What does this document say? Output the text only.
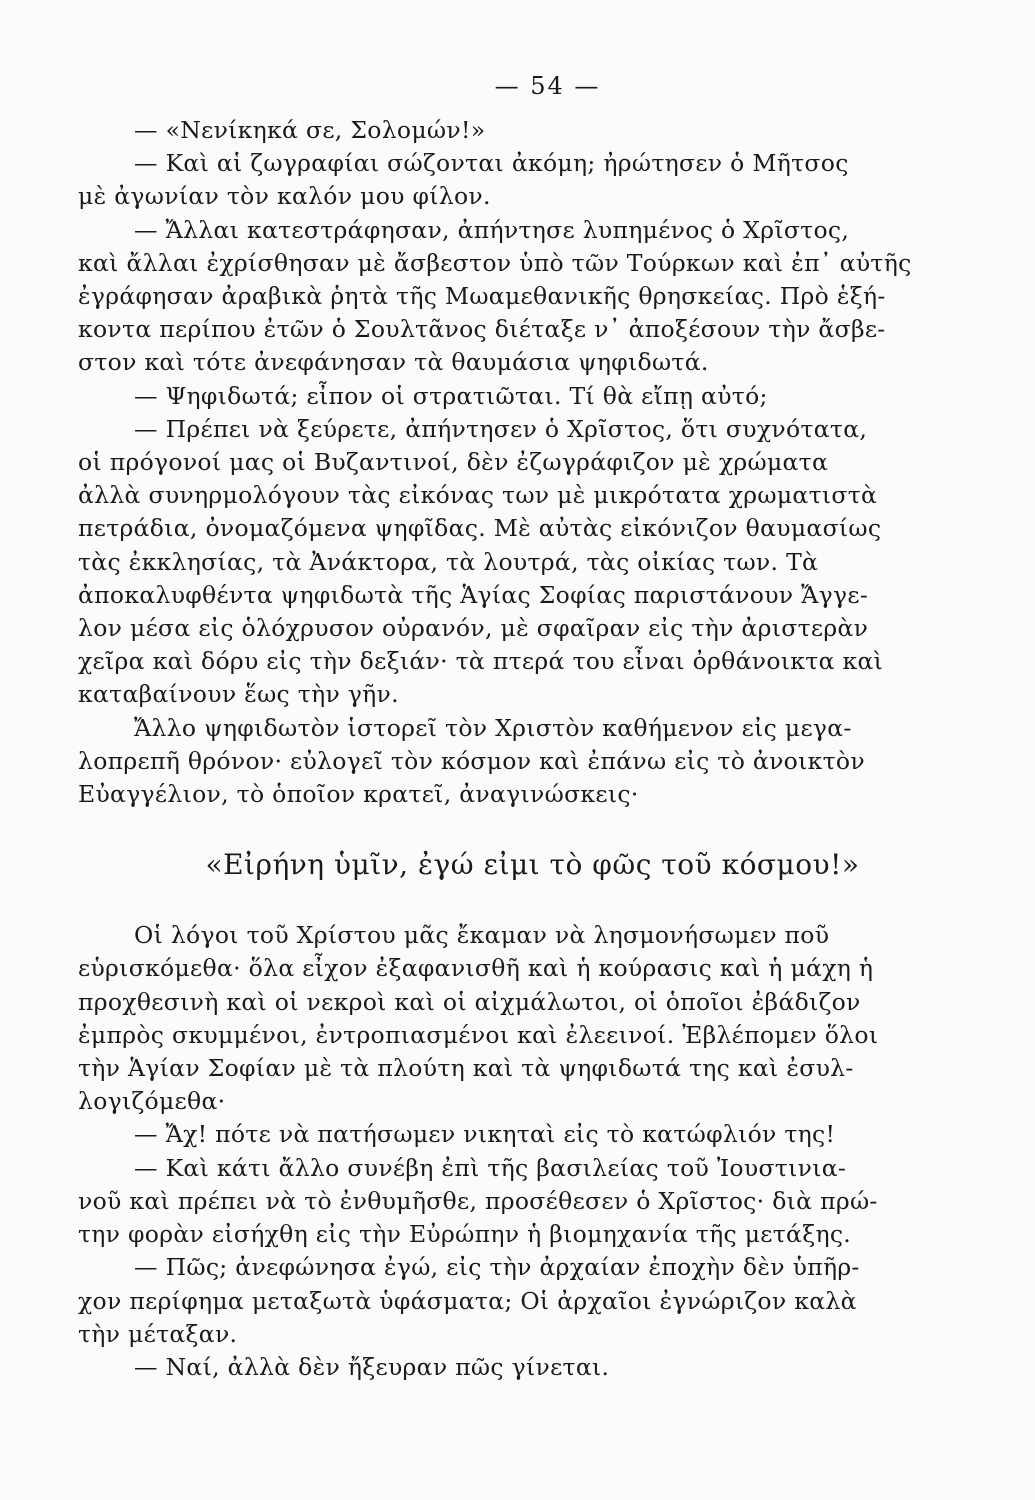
— 54 —
— «Νενίκηκά σε, Σολομών!»
— Καὶ αἱ ζωγραφίαι σώζονται ἀκόμη; ἠρώτησεν ὁ Μῆτσος
μὲ ἀγωνίαν τὸν καλόν μου φίλον.
— Ἄλλαι κατεστράφησαν, ἀπήντησε λυπημένος ὁ Χρῖστος,
καὶ ἄλλαι ἐχρίσθησαν μὲ ἄσβεστον ὑπὸ τῶν Τούρκων καὶ ἐπ᾽ αὐτῆς
ἐγράφησαν ἀραβικὰ ῥητὰ τῆς Μωαμεθανικῆς θρησκείας. Πρὸ ἑξή-
κοντα περίπου ἐτῶν ὁ Σουλτᾶνος διέταξε ν᾽ ἀποξέσουν τὴν ἄσβε-
στον καὶ τότε ἀνεφάνησαν τὰ θαυμάσια ψηφιδωτά.
— Ψηφιδωτά; εἶπον οἱ στρατιῶται. Τί θὰ εἴπῃ αὐτό;
— Πρέπει νὰ ξεύρετε, ἀπήντησεν ὁ Χρῖστος, ὅτι συχνότατα,
οἱ πρόγονοί μας οἱ Βυζαντινοί, δὲν ἐζωγράφιζον μὲ χρώματα
ἀλλὰ συνηρμολόγουν τὰς εἰκόνας των μὲ μικρότατα χρωματιστὰ
πετράδια, ὀνομαζόμενα ψηφῖδας. Μὲ αὐτὰς εἰκόνιζον θαυμασίως
τὰς ἐκκλησίας, τὰ Ἀνάκτορα, τὰ λουτρά, τὰς οἰκίας των. Τὰ
ἀποκαλυφθέντα ψηφιδωτὰ τῆς Ἁγίας Σοφίας παριστάνουν Ἄγγε-
λον μέσα εἰς ὁλόχρυσον οὐρανόν, μὲ σφαῖραν εἰς τὴν ἀριστερὰν
χεῖρα καὶ δόρυ εἰς τὴν δεξιάν· τὰ πτερά του εἶναι ὀρθάνοικτα καὶ
καταβαίνουν ἕως τὴν γῆν.
Ἄλλο ψηφιδωτὸν ἱστορεῖ τὸν Χριστὸν καθήμενον εἰς μεγα-
λοπρεπῆ θρόνον· εὐλογεῖ τὸν κόσμον καὶ ἐπάνω εἰς τὸ ἀνοικτὸν
Εὐαγγέλιον, τὸ ὁποῖον κρατεῖ, ἀναγινώσκεις·
«Εἰρήνη ὑμῖν, ἐγώ εἰμι τὸ φῶς τοῦ κόσμου!»
Οἱ λόγοι τοῦ Χρίστου μᾶς ἔκαμαν νὰ λησμονήσωμεν ποῦ
εὑρισκόμεθα· ὅλα εἶχον ἐξαφανισθῆ καὶ ἡ κούρασις καὶ ἡ μάχη ἡ
προχθεσινὴ καὶ οἱ νεκροὶ καὶ οἱ αἰχμάλωτοι, οἱ ὁποῖοι ἐβάδιζον
ἐμπρὸς σκυμμένοι, ἐντροπιασμένοι καὶ ἐλεεινοί. Ἐβλέπομεν ὅλοι
τὴν Ἁγίαν Σοφίαν μὲ τὰ πλούτη καὶ τὰ ψηφιδωτά της καὶ ἐσυλ-
λογιζόμεθα·
— Ἄχ! πότε νὰ πατήσωμεν νικηταὶ εἰς τὸ κατώφλιόν της!
— Καὶ κάτι ἄλλο συνέβη ἐπὶ τῆς βασιλείας τοῦ Ἰουστινια-
νοῦ καὶ πρέπει νὰ τὸ ἐνθυμῆσθε, προσέθεσεν ὁ Χρῖστος· διὰ πρώ-
την φορὰν εἰσήχθη εἰς τὴν Εὐρώπην ἡ βιομηχανία τῆς μετάξης.
— Πῶς; ἀνεφώνησα ἐγώ, εἰς τὴν ἀρχαίαν ἐποχὴν δὲν ὑπῆρ-
χον περίφημα μεταξωτὰ ὑφάσματα; Οἱ ἀρχαῖοι ἐγνώριζον καλὰ
τὴν μέταξαν.
— Ναί, ἀλλὰ δὲν ἤξευραν πῶς γίνεται.
